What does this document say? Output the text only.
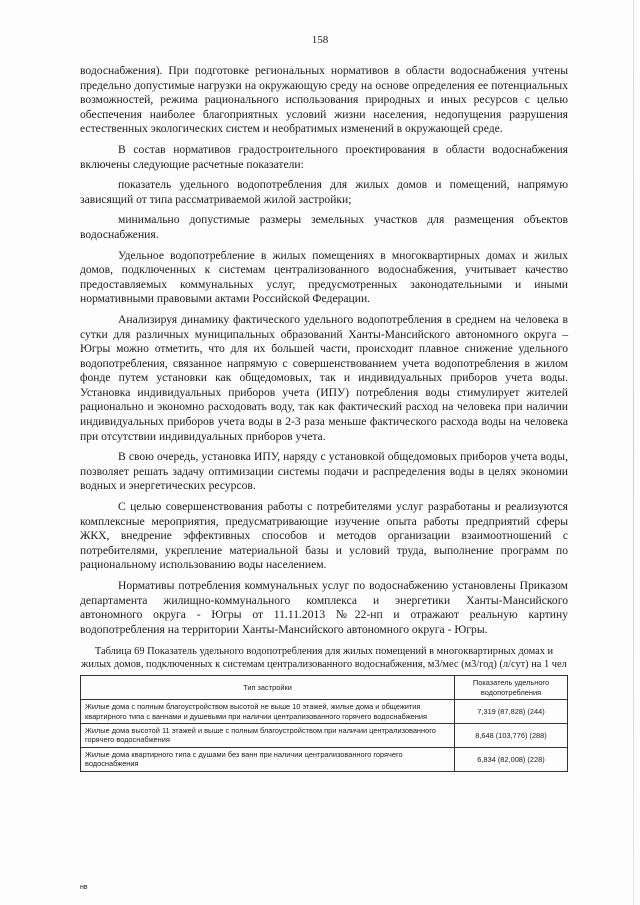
158

водоснабжения). При подготовке региональных нормативов в области водоснабжения учтены предельно допустимые нагрузки на окружающую среду на основе определения ее потенциальных возможностей, режима рационального использования природных и иных ресурсов с целью обеспечения наиболее благоприятных условий жизни населения, недопущения разрушения естественных экологических систем и необратимых изменений в окружающей среде.

В состав нормативов градостроительного проектирования в области водоснабжения включены следующие расчетные показатели:

показатель удельного водопотребления для жилых домов и помещений, напрямую зависящий от типа рассматриваемой жилой застройки;

минимально допустимые размеры земельных участков для размещения объектов водоснабжения.

Удельное водопотребление в жилых помещениях в многоквартирных домах и жилых домов, подключенных к системам централизованного водоснабжения, учитывает качество предоставляемых коммунальных услуг, предусмотренных законодательными и иными нормативными правовыми актами Российской Федерации.

Анализируя динамику фактического удельного водопотребления в среднем на человека в сутки для различных муниципальных образований Ханты-Мансийского автономного округа – Югры можно отметить, что для их большей части, происходит плавное снижение удельного водопотребления, связанное напрямую с совершенствованием учета водопотребления в жилом фонде путем установки как общедомовых, так и индивидуальных приборов учета воды. Установка индивидуальных приборов учета (ИПУ) потребления воды стимулирует жителей рационально и экономно расходовать воду, так как фактический расход на человека при наличии индивидуальных приборов учета воды в 2-3 раза меньше фактического расхода воды на человека при отсутствии индивидуальных приборов учета.

В свою очередь, установка ИПУ, наряду с установкой общедомовых приборов учета воды, позволяет решать задачу оптимизации системы подачи и распределения воды в целях экономии водных и энергетических ресурсов.

С целью совершенствования работы с потребителями услуг разработаны и реализуются комплексные мероприятия, предусматривающие изучение опыта работы предприятий сферы ЖКХ, внедрение эффективных способов и методов организации взаимоотношений с потребителями, укрепление материальной базы и условий труда, выполнение программ по рациональному использованию воды населением.

Нормативы потребления коммунальных услуг по водоснабжению установлены Приказом департамента жилищно-коммунального комплекса и энергетики Ханты-Мансийского автономного округа - Югры от 11.11.2013 №22-нп и отражают реальную картину водопотребления на территории Ханты-Мансийского автономного округа - Югры.

Таблица 69 Показатель удельного водопотребления для жилых помещений в многоквартирных домах и жилых домов, подключенных к системам централизованного водоснабжения, м3/мес (м3/год) (л/сут) на 1 чел
Тип застройки	Показатель удельного водопотребления
Жилые дома с полным благоустройством высотой не выше 10 этажей, жилые дома и общежития квартирного типа с ваннами и душевыми при наличии централизованного горячего водоснабжения	7,319 (87,828) (244)
Жилые дома высотой 11 этажей и выше с полным благоустройством при наличии централизованного горячего водоснабжения	8,648 (103,776) (288)
Жилые дома квартирного типа с душами без ванн при наличии централизованного горячего водоснабжения	6,834 (82,008) (228)
нв
